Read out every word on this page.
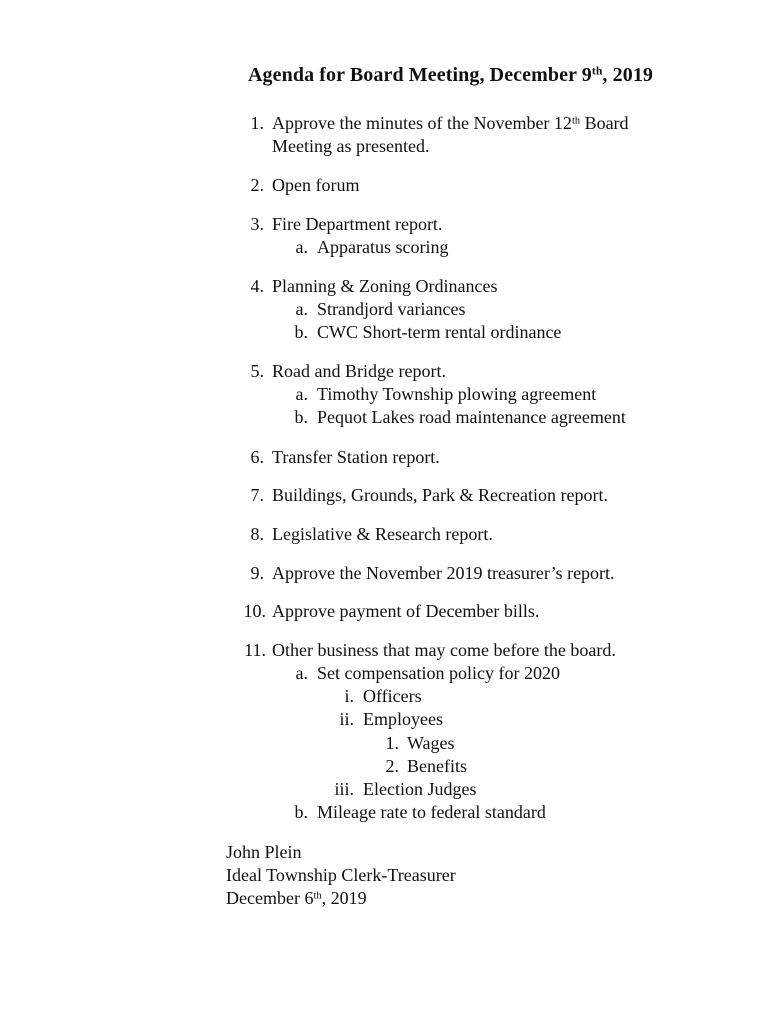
Agenda for Board Meeting, December 9th, 2019
1. Approve the minutes of the November 12th Board
Meeting as presented.
2. Open forum
3. Fire Department report.
a. Apparatus scoring
4. Planning & Zoning Ordinances
a. Strandjord variances
b. CWC Short-term rental ordinance
5. Road and Bridge report.
a. Timothy Township plowing agreement
b. Pequot Lakes road maintenance agreement
6. Transfer Station report.
7. Buildings, Grounds, Park & Recreation report.
8. Legislative & Research report.
9. Approve the November 2019 treasurer’s report.
10. Approve payment of December bills.
11. Other business that may come before the board.
a. Set compensation policy for 2020
i. Officers
ii. Employees
1. Wages
2. Benefits
iii. Election Judges
b. Mileage rate to federal standard
John Plein
Ideal Township Clerk-Treasurer
December 6th, 2019
